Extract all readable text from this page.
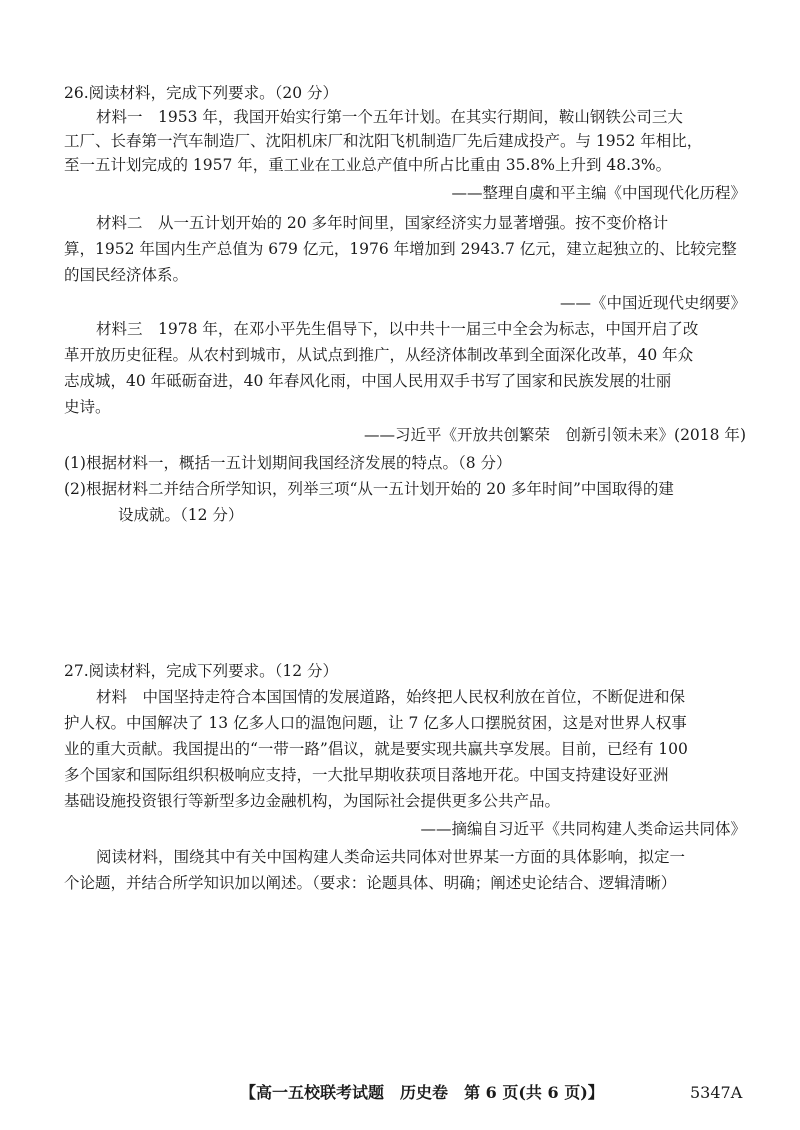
26.阅读材料，完成下列要求。（20 分）
材料一　1953 年，我国开始实行第一个五年计划。在其实行期间，鞍山钢铁公司三大
工厂、长春第一汽车制造厂、沈阳机床厂和沈阳飞机制造厂先后建成投产。与 1952 年相比，
至一五计划完成的 1957 年，重工业在工业总产值中所占比重由 35.8%上升到 48.3%。
——整理自虞和平主编《中国现代化历程》
材料二　从一五计划开始的 20 多年时间里，国家经济实力显著增强。按不变价格计
算，1952 年国内生产总值为 679 亿元，1976 年增加到 2943.7 亿元，建立起独立的、比较完整
的国民经济体系。
——《中国近现代史纲要》
材料三　1978 年，在邓小平先生倡导下，以中共十一届三中全会为标志，中国开启了改
革开放历史征程。从农村到城市，从试点到推广，从经济体制改革到全面深化改革，40 年众
志成城，40 年砥砺奋进，40 年春风化雨，中国人民用双手书写了国家和民族发展的壮丽
史诗。
——习近平《开放共创繁荣　创新引领未来》(2018 年)
(1)根据材料一，概括一五计划期间我国经济发展的特点。（8 分）
(2)根据材料二并结合所学知识，列举三项“从一五计划开始的 20 多年时间”中国取得的建
设成就。（12 分）
27.阅读材料，完成下列要求。（12 分）
材料　中国坚持走符合本国国情的发展道路，始终把人民权利放在首位，不断促进和保
护人权。中国解决了 13 亿多人口的温饱问题，让 7 亿多人口摆脱贫困，这是对世界人权事
业的重大贡献。我国提出的“一带一路”倡议，就是要实现共赢共享发展。目前，已经有 100
多个国家和国际组织积极响应支持，一大批早期收获项目落地开花。中国支持建设好亚洲
基础设施投资银行等新型多边金融机构，为国际社会提供更多公共产品。
——摘编自习近平《共同构建人类命运共同体》
阅读材料，围绕其中有关中国构建人类命运共同体对世界某一方面的具体影响，拟定一
个论题，并结合所学知识加以阐述。（要求：论题具体、明确；阐述史论结合、逻辑清晰）
【高一五校联考试题　 历史卷　 第 6 页(共 6 页)】	5347A
